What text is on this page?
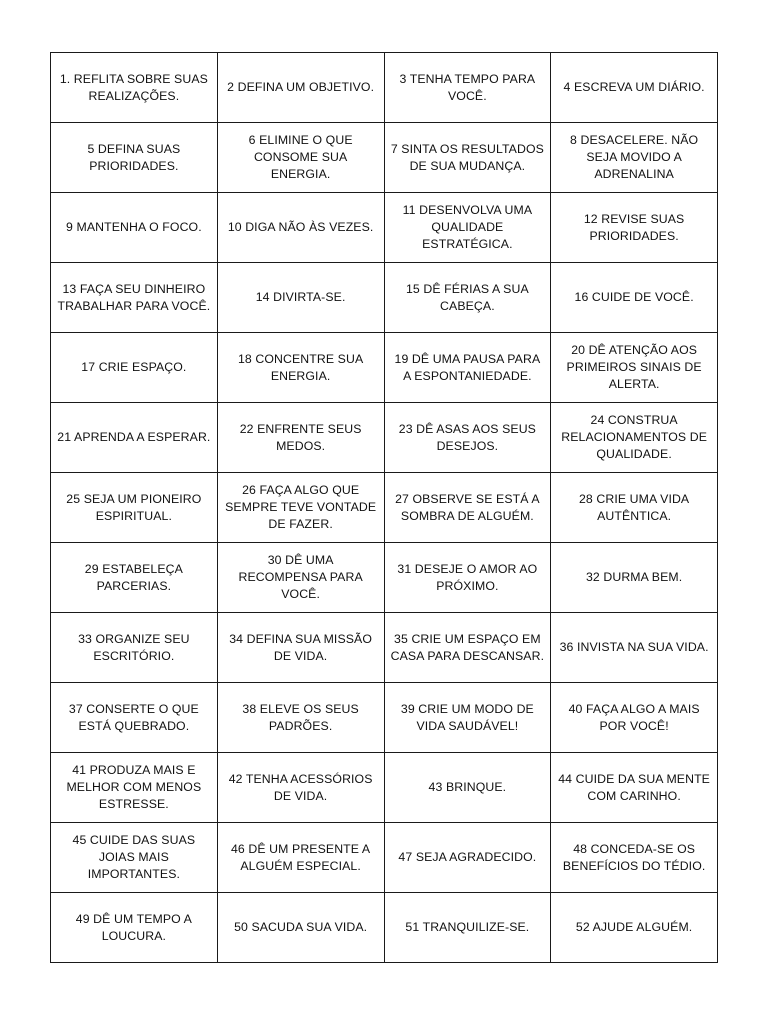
1. REFLITA SOBRE SUAS REALIZAÇÕES.	2 DEFINA UM OBJETIVO.	3 TENHA TEMPO PARA VOCÊ.	4 ESCREVA UM DIÁRIO.
5 DEFINA SUAS PRIORIDADES.	6 ELIMINE O QUE CONSOME SUA ENERGIA.	7 SINTA OS RESULTADOS DE SUA MUDANÇA.	8 DESACELERE. NÃO SEJA MOVIDO A ADRENALINA
9 MANTENHA O FOCO.	10 DIGA NÃO ÀS VEZES.	11 DESENVOLVA UMA QUALIDADE ESTRATÉGICA.	12 REVISE SUAS PRIORIDADES.
13 FAÇA SEU DINHEIRO TRABALHAR PARA VOCÊ.	14 DIVIRTA-SE.	15 DÊ FÉRIAS A SUA CABEÇA.	16 CUIDE DE VOCÊ.
17 CRIE ESPAÇO.	18 CONCENTRE SUA ENERGIA.	19 DÊ UMA PAUSA PARA A ESPONTANIEDADE.	20 DÊ ATENÇÃO AOS PRIMEIROS SINAIS DE ALERTA.
21 APRENDA A ESPERAR.	22 ENFRENTE SEUS MEDOS.	23 DÊ ASAS AOS SEUS DESEJOS.	24 CONSTRUA RELACIONAMENTOS DE QUALIDADE.
25 SEJA UM PIONEIRO ESPIRITUAL.	26 FAÇA ALGO QUE SEMPRE TEVE VONTADE DE FAZER.	27 OBSERVE SE ESTÁ A SOMBRA DE ALGUÉM.	28 CRIE UMA VIDA AUTÊNTICA.
29 ESTABELEÇA PARCERIAS.	30 DÊ UMA RECOMPENSA PARA VOCÊ.	31 DESEJE O AMOR AO PRÓXIMO.	32 DURMA BEM.
33 ORGANIZE SEU ESCRITÓRIO.	34 DEFINA SUA MISSÃO DE VIDA.	35 CRIE UM ESPAÇO EM CASA PARA DESCANSAR.	36 INVISTA NA SUA VIDA.
37 CONSERTE O QUE ESTÁ QUEBRADO.	38 ELEVE OS SEUS PADRÕES.	39 CRIE UM MODO DE VIDA SAUDÁVEL!	40 FAÇA ALGO A MAIS POR VOCÊ!
41 PRODUZA MAIS E MELHOR COM MENOS ESTRESSE.	42 TENHA ACESSÓRIOS DE VIDA.	43 BRINQUE.	44 CUIDE DA SUA MENTE COM CARINHO.
45 CUIDE DAS SUAS JOIAS MAIS IMPORTANTES.	46 DÊ UM PRESENTE A ALGUÉM ESPECIAL.	47 SEJA AGRADECIDO.	48 CONCEDA-SE OS BENEFÍCIOS DO TÉDIO.
49 DÊ UM TEMPO A LOUCURA.	50 SACUDA SUA VIDA.	51 TRANQUILIZE-SE.	52 AJUDE ALGUÉM.
